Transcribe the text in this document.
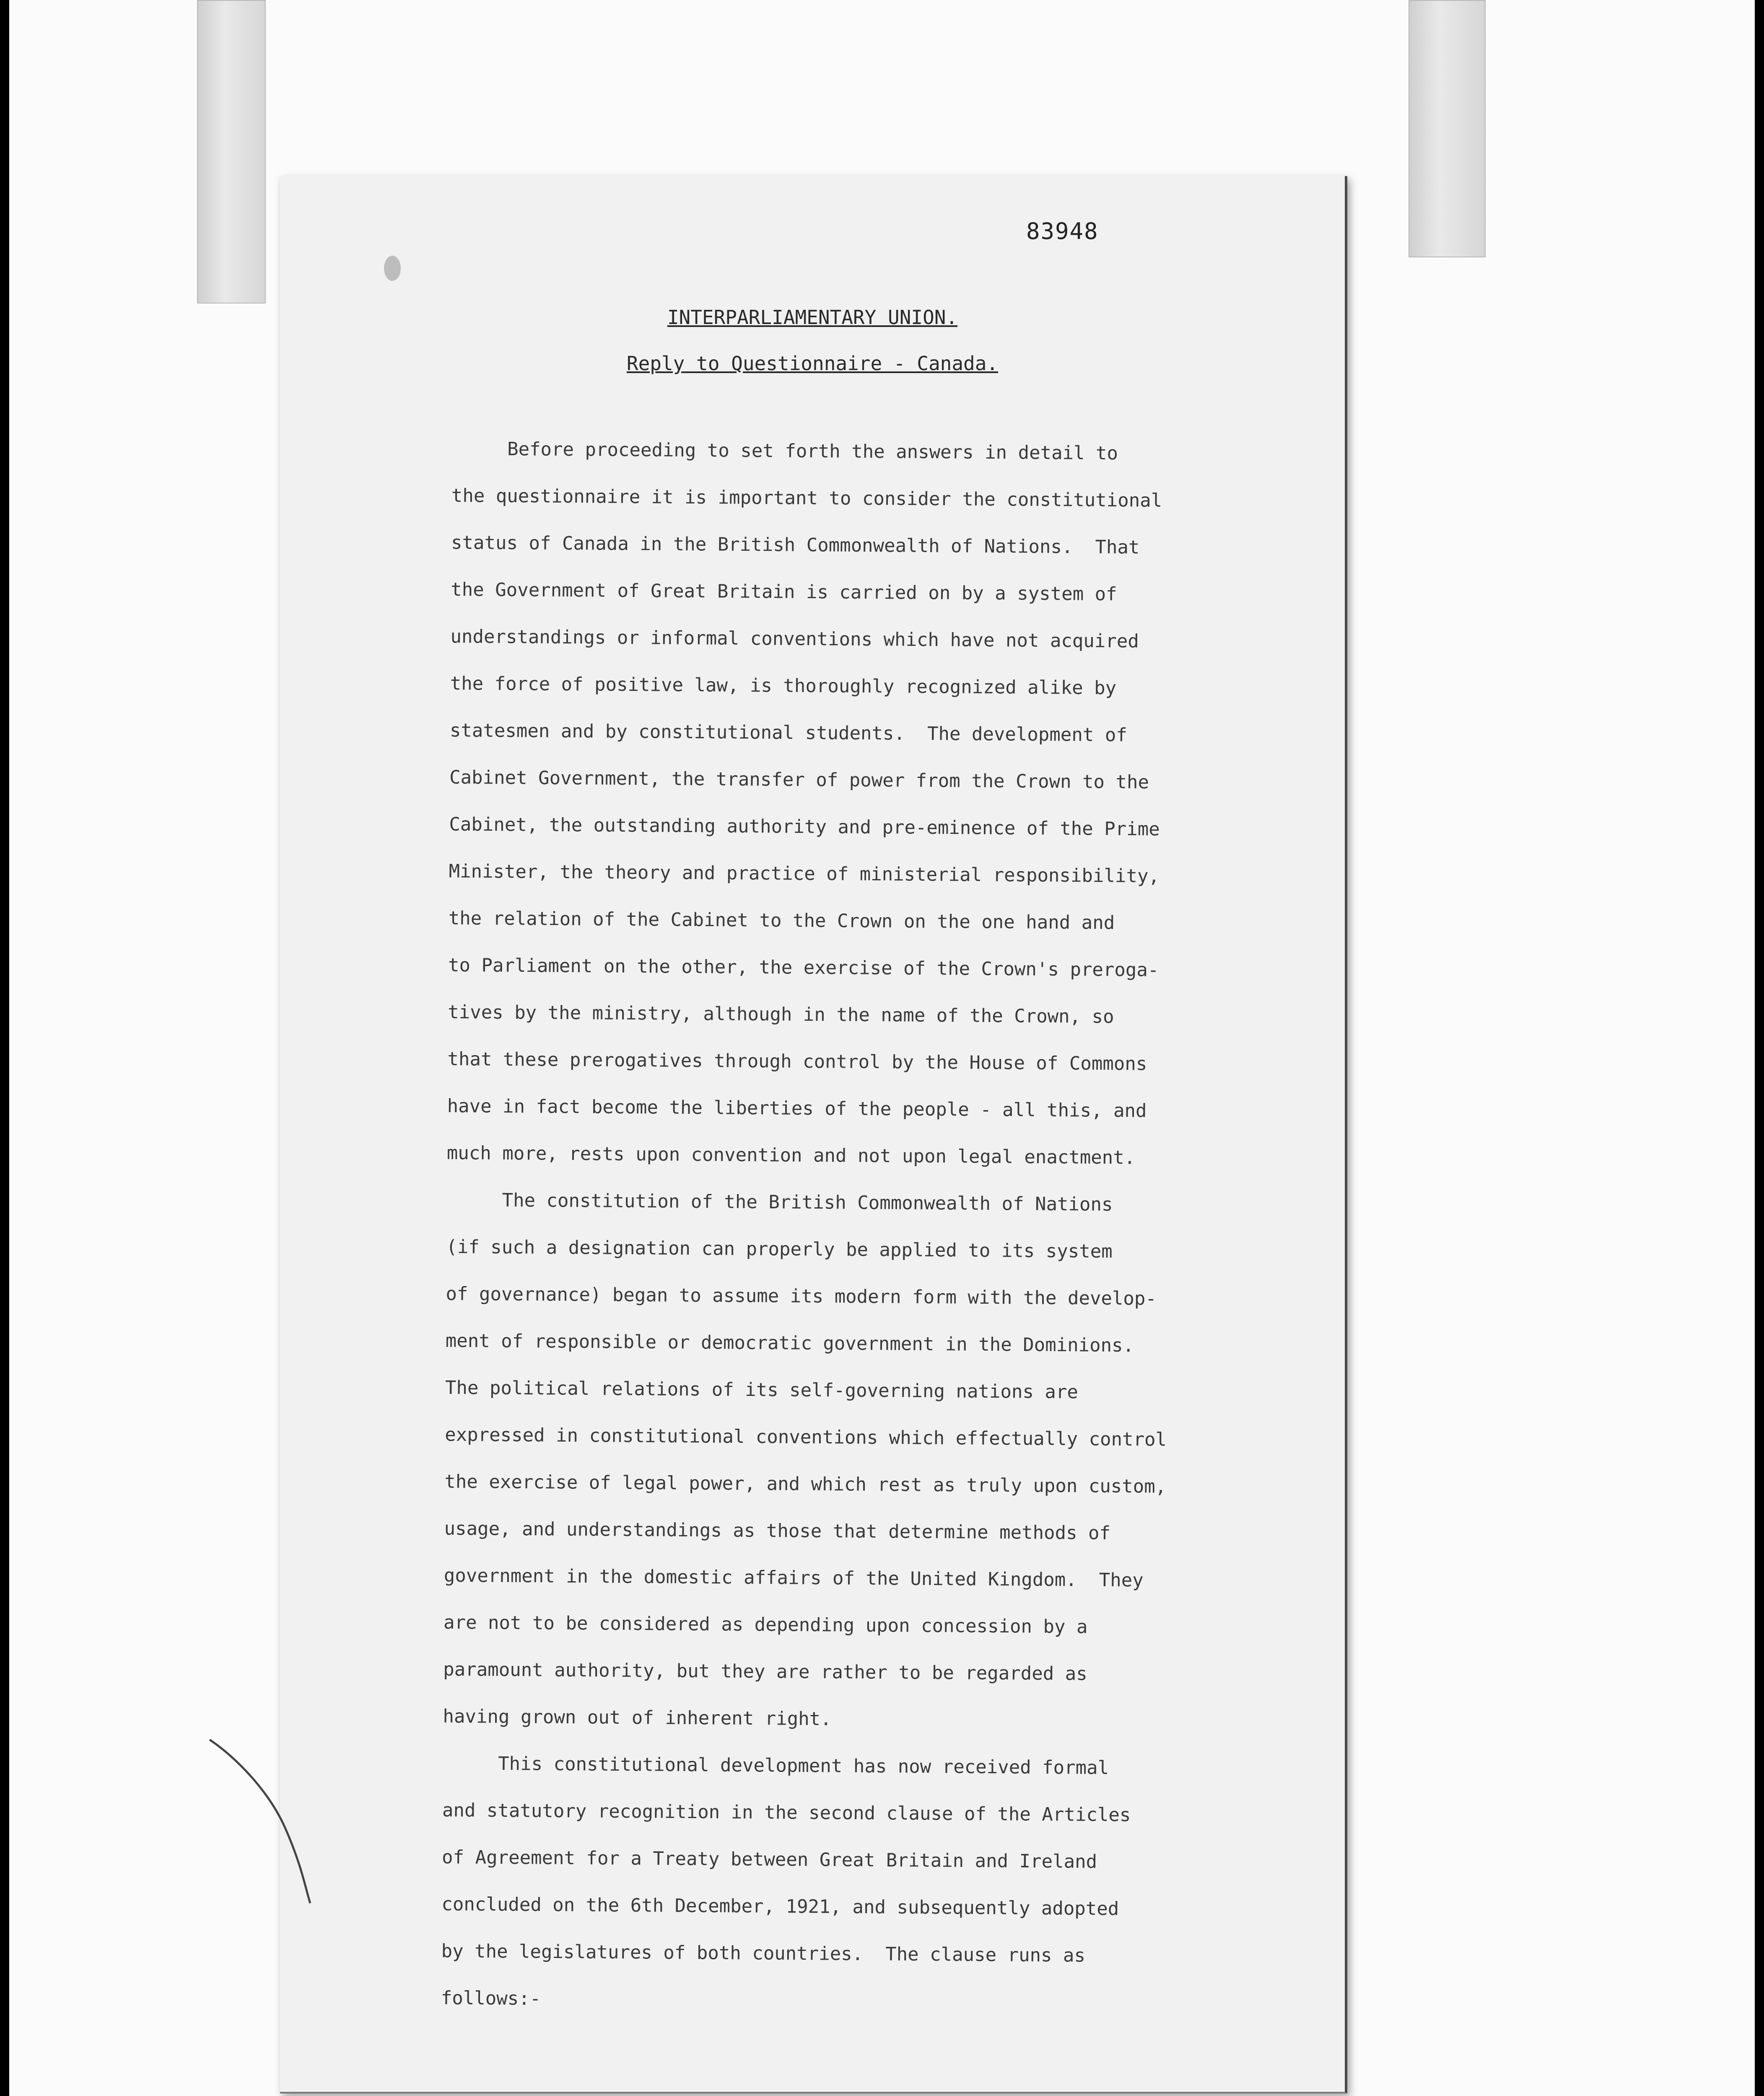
83948
INTERPARLIAMENTARY UNION.
Reply to Questionnaire - Canada.
Before proceeding to set forth the answers in detail to
the questionnaire it is important to consider the constitutional
status of Canada in the British Commonwealth of Nations.  That
the Government of Great Britain is carried on by a system of
understandings or informal conventions which have not acquired
the force of positive law, is thoroughly recognized alike by
statesmen and by constitutional students.  The development of
Cabinet Government, the transfer of power from the Crown to the
Cabinet, the outstanding authority and pre-eminence of the Prime
Minister, the theory and practice of ministerial responsibility,
the relation of the Cabinet to the Crown on the one hand and
to Parliament on the other, the exercise of the Crown's preroga-
tives by the ministry, although in the name of the Crown, so
that these prerogatives through control by the House of Commons
have in fact become the liberties of the people - all this, and
much more, rests upon convention and not upon legal enactment.
The constitution of the British Commonwealth of Nations
(if such a designation can properly be applied to its system
of governance) began to assume its modern form with the develop-
ment of responsible or democratic government in the Dominions.
The political relations of its self-governing nations are
expressed in constitutional conventions which effectually control
the exercise of legal power, and which rest as truly upon custom,
usage, and understandings as those that determine methods of
government in the domestic affairs of the United Kingdom.  They
are not to be considered as depending upon concession by a
paramount authority, but they are rather to be regarded as
having grown out of inherent right.
This constitutional development has now received formal
and statutory recognition in the second clause of the Articles
of Agreement for a Treaty between Great Britain and Ireland
concluded on the 6th December, 1921, and subsequently adopted
by the legislatures of both countries.  The clause runs as
follows:-
